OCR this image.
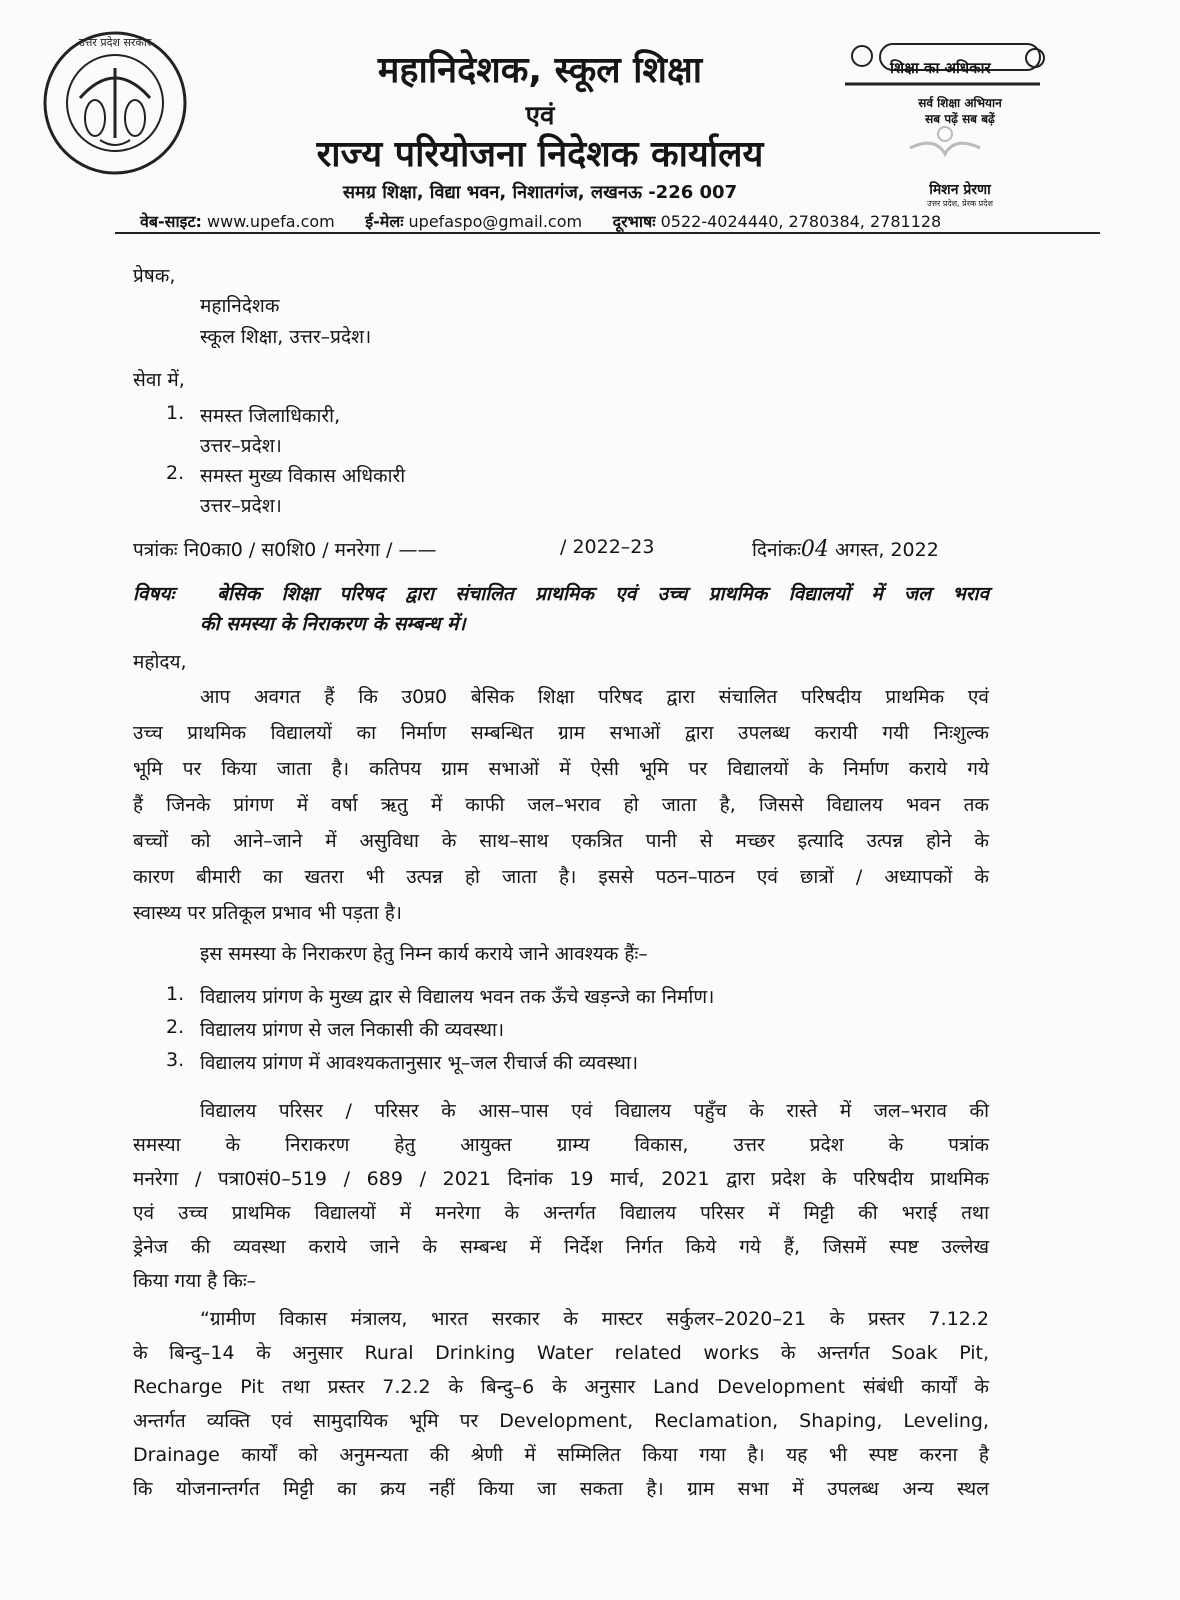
उत्तर प्रदेश सरकार
महानिदेशक, स्कूल शिक्षा
एवं
राज्य परियोजना निदेशक कार्यालय
समग्र शिक्षा, विद्या भवन, निशातगंज, लखनऊ -226 007
वेब-साइट: www.upefa.com ई-मेलः upefaspo@gmail.com दूरभाषः 0522-4024440, 2780384, 2781128
शिक्षा का अधिकार
सर्व शिक्षा अभियान
सब पढ़ें सब बढ़ें
मिशन प्रेरणा
उत्तर प्रदेश, प्रेरक प्रदेश
प्रेषक,
महानिदेशक
स्कूल शिक्षा, उत्तर–प्रदेश।
सेवा में,
1. समस्त जिलाधिकारी,
उत्तर–प्रदेश।
2. समस्त मुख्य विकास अधिकारी
उत्तर–प्रदेश।
पत्रांकः नि0का0 / स0शि0 / मनरेगा / ——	/ 2022–23	दिनांकः04 अगस्त, 2022
विषयः बेसिक शिक्षा परिषद द्वारा संचालित प्राथमिक एवं उच्च प्राथमिक विद्यालयों में जल भराव
की समस्या के निराकरण के सम्बन्ध में।
महोदय,
आप अवगत हैं कि उ0प्र0 बेसिक शिक्षा परिषद द्वारा संचालित परिषदीय प्राथमिक एवं
उच्च प्राथमिक विद्यालयों का निर्माण सम्बन्धित ग्राम सभाओं द्वारा उपलब्ध करायी गयी निःशुल्क
भूमि पर किया जाता है। कतिपय ग्राम सभाओं में ऐसी भूमि पर विद्यालयों के निर्माण कराये गये
हैं जिनके प्रांगण में वर्षा ऋतु में काफी जल–भराव हो जाता है, जिससे विद्यालय भवन तक
बच्चों को आने–जाने में असुविधा के साथ–साथ एकत्रित पानी से मच्छर इत्यादि उत्पन्न होने के
कारण बीमारी का खतरा भी उत्पन्न हो जाता है। इससे पठन–पाठन एवं छात्रों / अध्यापकों के
स्वास्थ्य पर प्रतिकूल प्रभाव भी पड़ता है।
इस समस्या के निराकरण हेतु निम्न कार्य कराये जाने आवश्यक हैंः–
1. विद्यालय प्रांगण के मुख्य द्वार से विद्यालय भवन तक ऊँचे खड़न्जे का निर्माण।
2. विद्यालय प्रांगण से जल निकासी की व्यवस्था।
3. विद्यालय प्रांगण में आवश्यकतानुसार भू–जल रीचार्ज की व्यवस्था।
विद्यालय परिसर / परिसर के आस–पास एवं विद्यालय पहुँच के रास्ते में जल–भराव की
समस्या के निराकरण हेतु आयुक्त ग्राम्य विकास, उत्तर प्रदेश के पत्रांक
मनरेगा / पत्रा0सं0–519 / 689 / 2021 दिनांक 19 मार्च, 2021 द्वारा प्रदेश के परिषदीय प्राथमिक
एवं उच्च प्राथमिक विद्यालयों में मनरेगा के अन्तर्गत विद्यालय परिसर में मिट्टी की भराई तथा
ड्रेनेज की व्यवस्था कराये जाने के सम्बन्ध में निर्देश निर्गत किये गये हैं, जिसमें स्पष्ट उल्लेख
किया गया है किः–
“ग्रामीण विकास मंत्रालय, भारत सरकार के मास्टर सर्कुलर–2020–21 के प्रस्तर 7.12.2
के बिन्दु–14 के अनुसार Rural Drinking Water related works के अन्तर्गत Soak Pit,
Recharge Pit तथा प्रस्तर 7.2.2 के बिन्दु–6 के अनुसार Land Development संबंधी कार्यों के
अन्तर्गत व्यक्ति एवं सामुदायिक भूमि पर Development, Reclamation, Shaping, Leveling,
Drainage कार्यों को अनुमन्यता की श्रेणी में सम्मिलित किया गया है। यह भी स्पष्ट करना है
कि योजनान्तर्गत मिट्टी का क्रय नहीं किया जा सकता है। ग्राम सभा में उपलब्ध अन्य स्थल
